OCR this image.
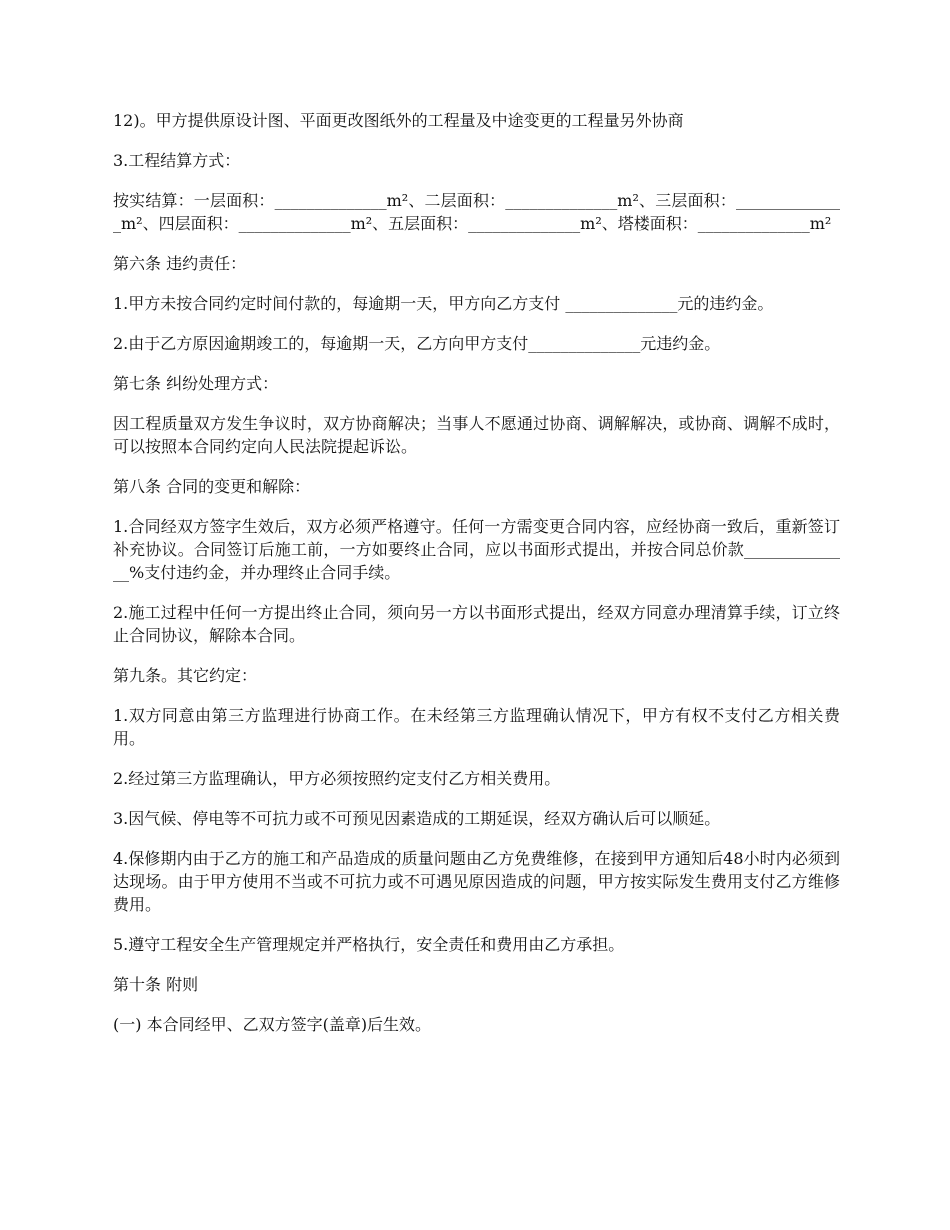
12)。甲方提供原设计图、平面更改图纸外的工程量及中途变更的工程量另外协商

3.工程结算方式：

按实结算：一层面积：______________m²、二层面积：______________m²、三层面积：______________m²、四层面积：______________m²、五层面积：______________m²、塔楼面积：______________m²

第六条 违约责任：

1.甲方未按合同约定时间付款的，每逾期一天，甲方向乙方支付 ______________元的违约金。

2.由于乙方原因逾期竣工的，每逾期一天，乙方向甲方支付______________元违约金。

第七条 纠纷处理方式：

因工程质量双方发生争议时，双方协商解决；当事人不愿通过协商、调解解决，或协商、调解不成时，可以按照本合同约定向人民法院提起诉讼。

第八条 合同的变更和解除：

1.合同经双方签字生效后，双方必须严格遵守。任何一方需变更合同内容，应经协商一致后，重新签订补充协议。合同签订后施工前，一方如要终止合同，应以书面形式提出，并按合同总价款______________%支付违约金，并办理终止合同手续。

2.施工过程中任何一方提出终止合同，须向另一方以书面形式提出，经双方同意办理清算手续，订立终止合同协议，解除本合同。

第九条。其它约定：

1.双方同意由第三方监理进行协商工作。在未经第三方监理确认情况下，甲方有权不支付乙方相关费用。

2.经过第三方监理确认，甲方必须按照约定支付乙方相关费用。

3.因气候、停电等不可抗力或不可预见因素造成的工期延误，经双方确认后可以顺延。

4.保修期内由于乙方的施工和产品造成的质量问题由乙方免费维修，在接到甲方通知后48小时内必须到达现场。由于甲方使用不当或不可抗力或不可遇见原因造成的问题，甲方按实际发生费用支付乙方维修费用。

5.遵守工程安全生产管理规定并严格执行，安全责任和费用由乙方承担。

第十条 附则

(一) 本合同经甲、乙双方签字(盖章)后生效。
